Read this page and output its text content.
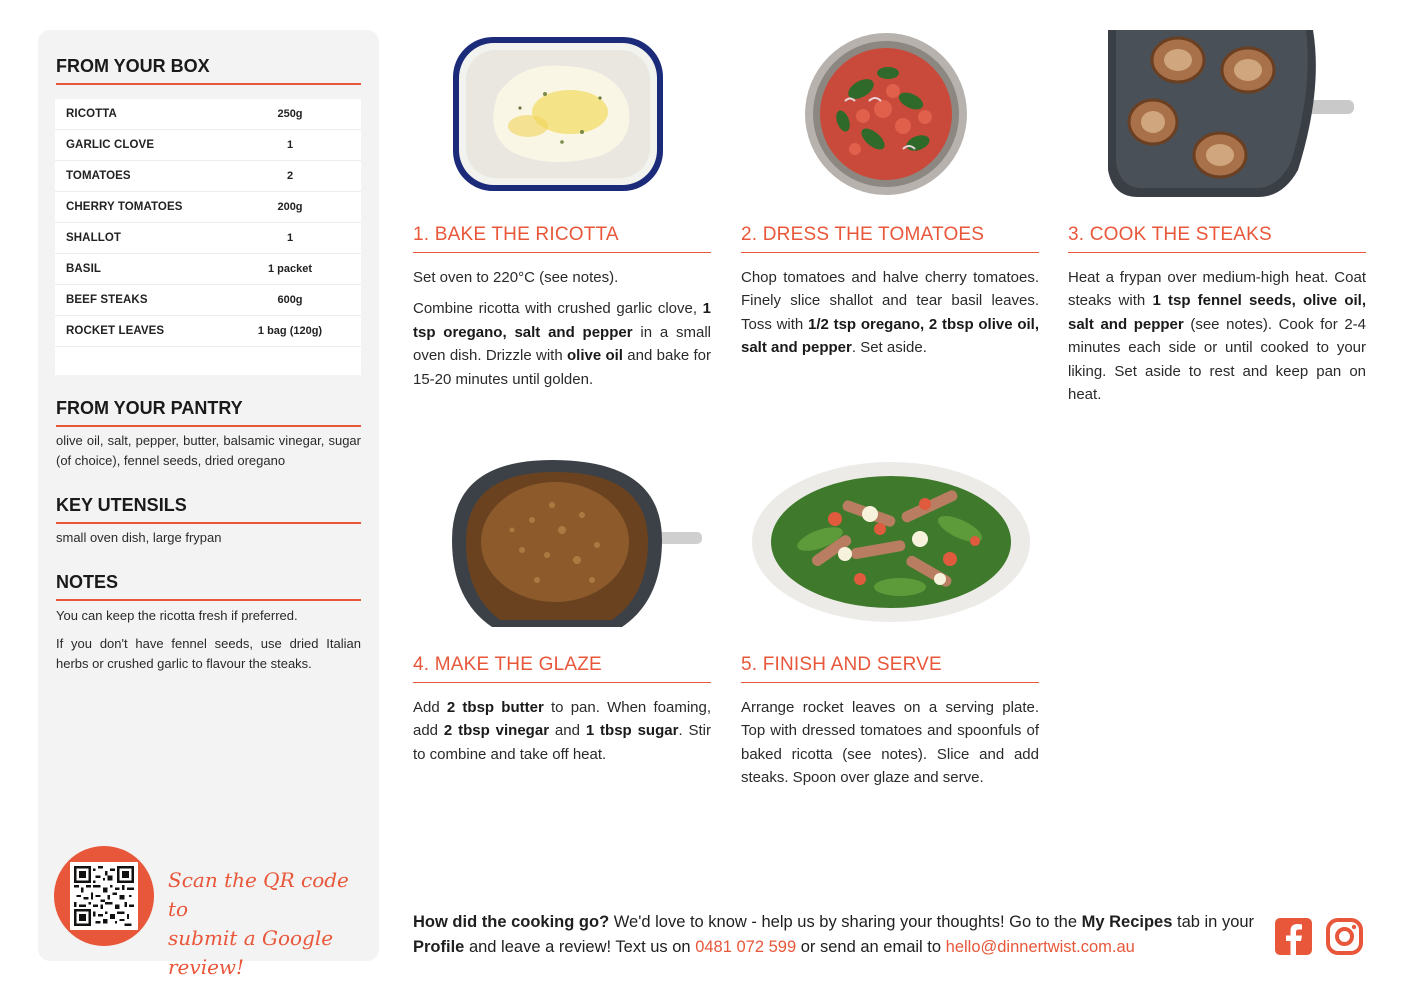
FROM YOUR BOX
RICOTTA	250g
GARLIC CLOVE	1
TOMATOES	2
CHERRY TOMATOES	200g
SHALLOT	1
BASIL	1 packet
BEEF STEAKS	600g
ROCKET LEAVES	1 bag (120g)
FROM YOUR PANTRY
olive oil, salt, pepper, butter, balsamic vinegar, sugar (of choice), fennel seeds, dried oregano
KEY UTENSILS
small oven dish, large frypan
NOTES
You can keep the ricotta fresh if preferred.
If you don't have fennel seeds, use dried Italian herbs or crushed garlic to flavour the steaks.
Scan the QR code to
submit a Google review!
1. BAKE THE RICOTTA

Set oven to 220°C (see notes).

Combine ricotta with crushed garlic clove, 1 tsp oregano, salt and pepper in a small oven dish. Drizzle with olive oil and bake for 15-20 minutes until golden.

2. DRESS THE TOMATOES

Chop tomatoes and halve cherry tomatoes. Finely slice shallot and tear basil leaves. Toss with 1/2 tsp oregano, 2 tbsp olive oil, salt and pepper. Set aside.

3. COOK THE STEAKS

Heat a frypan over medium-high heat. Coat steaks with 1 tsp fennel seeds, olive oil, salt and pepper (see notes). Cook for 2-4 minutes each side or until cooked to your liking. Set aside to rest and keep pan on heat.

4. MAKE THE GLAZE

Add 2 tbsp butter to pan. When foaming, add 2 tbsp vinegar and 1 tbsp sugar. Stir to combine and take off heat.

5. FINISH AND SERVE

Arrange rocket leaves on a serving plate. Top with dressed tomatoes and spoonfuls of baked ricotta (see notes). Slice and add steaks. Spoon over glaze and serve.

How did the cooking go? We'd love to know - help us by sharing your thoughts! Go to the My Recipes tab in your Profile and leave a review! Text us on 0481 072 599 or send an email to hello@dinnertwist.com.au
